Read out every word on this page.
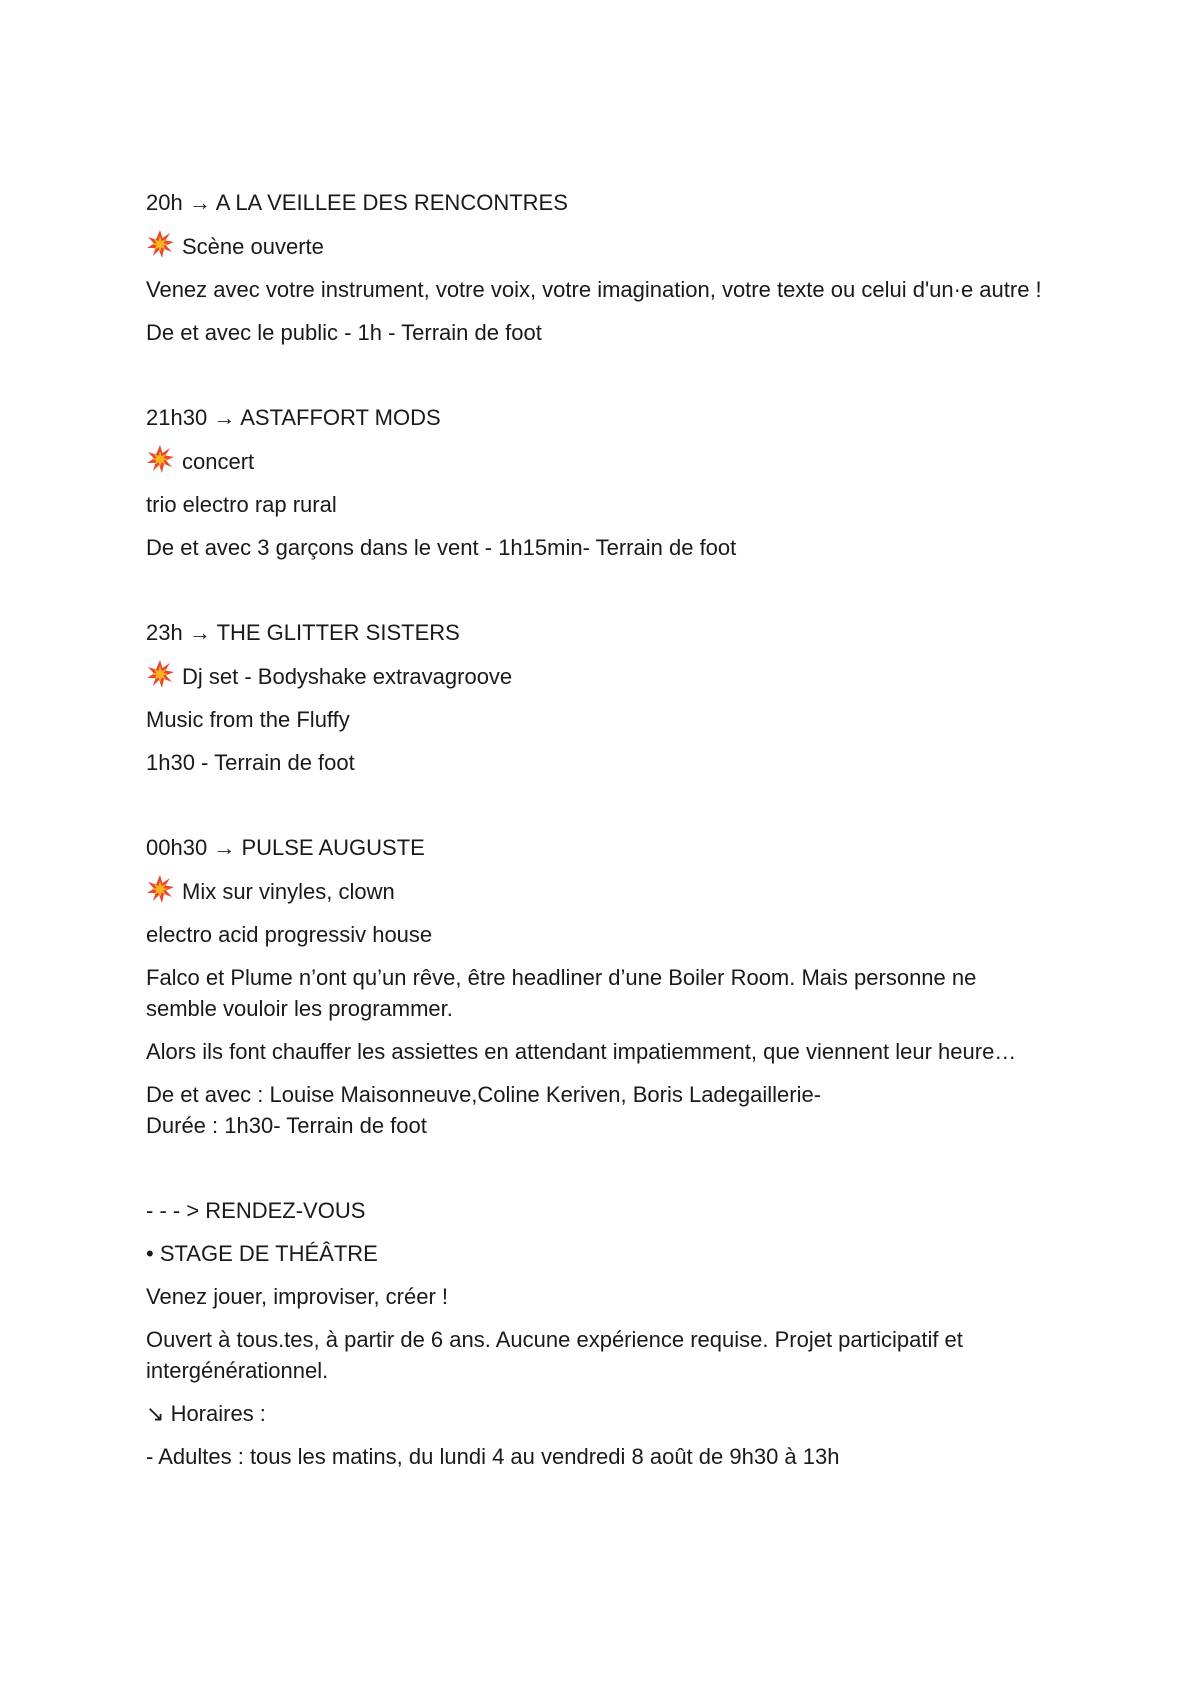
20h → A LA VEILLEE DES RENCONTRES

Scène ouverte

Venez avec votre instrument, votre voix, votre imagination, votre texte ou celui d'un·e autre !

De et avec le public - 1h - Terrain de foot

21h30 → ASTAFFORT MODS

concert

trio electro rap rural

De et avec 3 garçons dans le vent - 1h15min- Terrain de foot

23h → THE GLITTER SISTERS

Dj set - Bodyshake extravagroove

Music from the Fluffy

1h30 - Terrain de foot

00h30 → PULSE AUGUSTE

Mix sur vinyles, clown

electro acid progressiv house

Falco et Plume n’ont qu’un rêve, être headliner d’une Boiler Room. Mais personne ne semble vouloir les programmer.

Alors ils font chauffer les assiettes en attendant impatiemment, que viennent leur heure…

De et avec : Louise Maisonneuve,Coline Keriven, Boris Ladegaillerie-

Durée : 1h30- Terrain de foot

- - - > RENDEZ-VOUS

• STAGE DE THÉÂTRE

Venez jouer, improviser, créer !

Ouvert à tous.tes, à partir de 6 ans. Aucune expérience requise. Projet participatif et intergénérationnel.

↘ Horaires :

- Adultes : tous les matins, du lundi 4 au vendredi 8 août de 9h30 à 13h
